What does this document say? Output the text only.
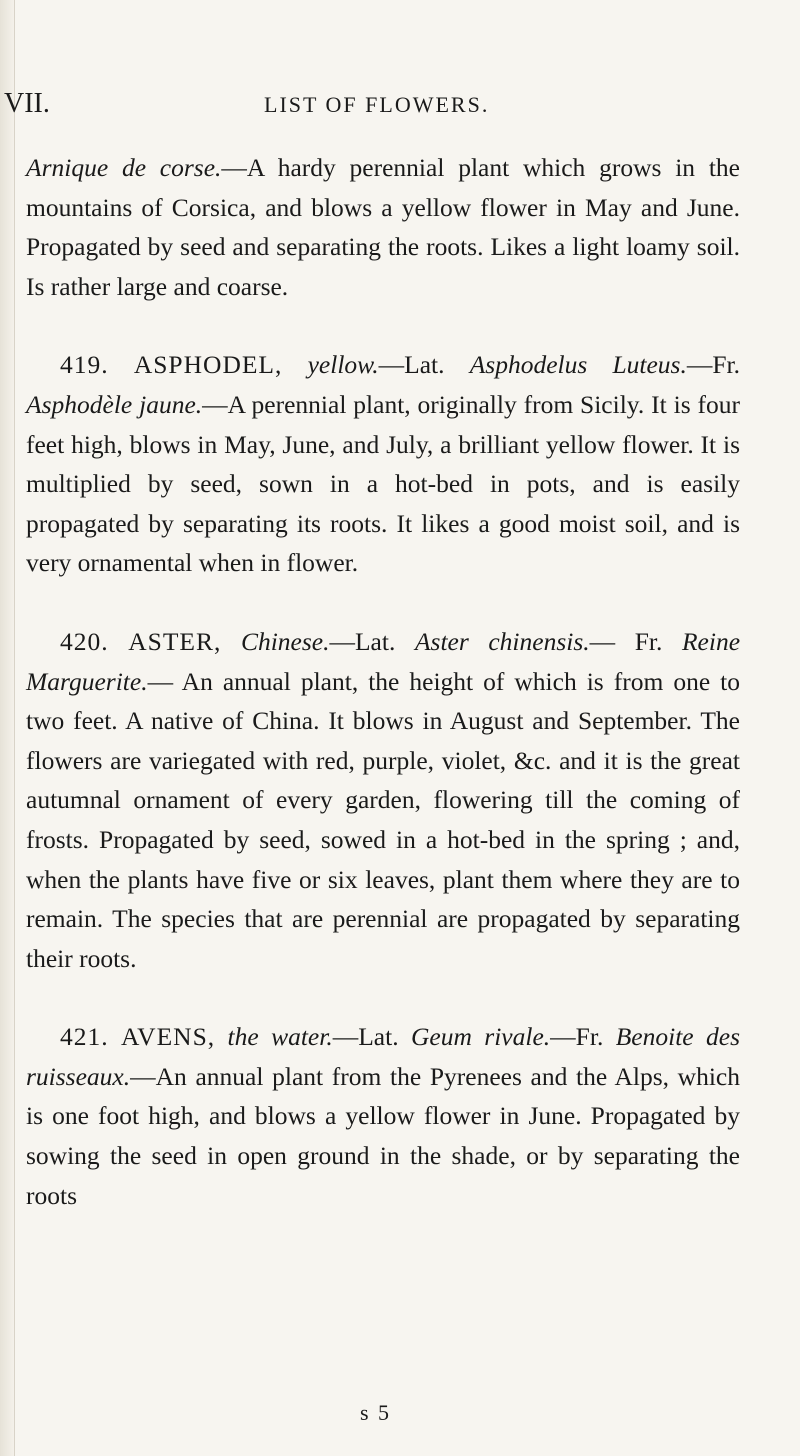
VII.	LIST OF FLOWERS.

Arnique de corse.—A hardy perennial plant which grows in the mountains of Corsica, and blows a yellow flower in May and June. Propagated by seed and separating the roots. Likes a light loamy soil. Is rather large and coarse.

419. ASPHODEL, yellow.—Lat. Asphodelus Luteus.—Fr. Asphodèle jaune.—A perennial plant, originally from Sicily. It is four feet high, blows in May, June, and July, a brilliant yellow flower. It is multiplied by seed, sown in a hot-bed in pots, and is easily propagated by separating its roots. It likes a good moist soil, and is very ornamental when in flower.

420. ASTER, Chinese.—Lat. Aster chinensis.— Fr. Reine Marguerite.— An annual plant, the height of which is from one to two feet. A native of China. It blows in August and September. The flowers are variegated with red, purple, violet, &c. and it is the great autumnal ornament of every garden, flowering till the coming of frosts. Propagated by seed, sowed in a hot-bed in the spring ; and, when the plants have five or six leaves, plant them where they are to remain. The species that are perennial are propagated by separating their roots.

421. AVENS, the water.—Lat. Geum rivale.—Fr. Benoite des ruisseaux.—An annual plant from the Pyrenees and the Alps, which is one foot high, and blows a yellow flower in June. Propagated by sowing the seed in open ground in the shade, or by separating the roots

s 5
